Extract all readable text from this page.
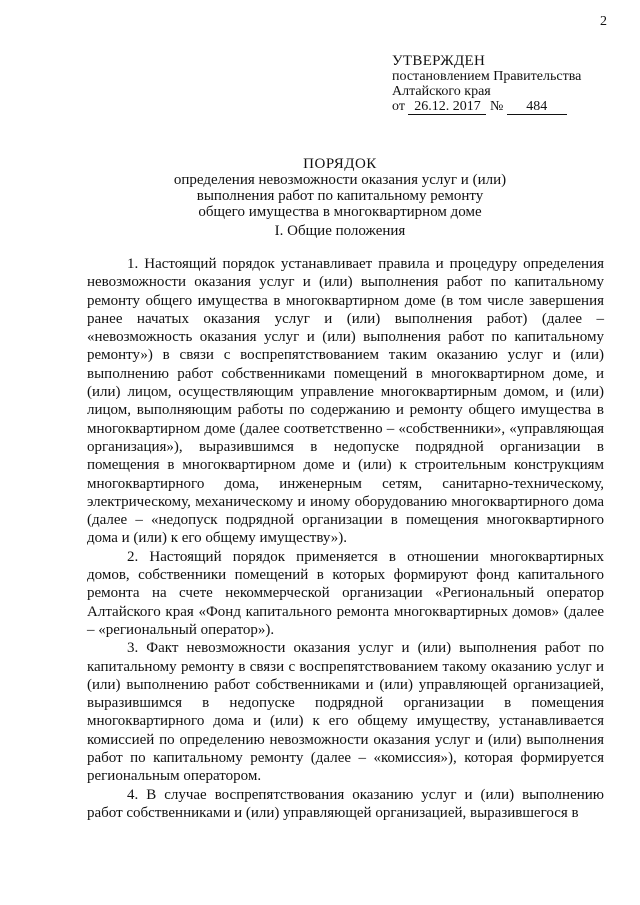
2
УТВЕРЖДЕН
постановлением Правительства
Алтайского края
от 26.12. 2017 № 484
ПОРЯДОК
определения невозможности оказания услуг и (или)
выполнения работ по капитальному ремонту
общего имущества в многоквартирном доме
I. Общие положения

1. Настоящий порядок устанавливает правила и процедуру определения невозможности оказания услуг и (или) выполнения работ по капитальному ремонту общего имущества в многоквартирном доме (в том числе завершения ранее начатых оказания услуг и (или) выполнения работ) (далее – «невозможность оказания услуг и (или) выполнения работ по капитальному ремонту») в связи с воспрепятствованием таким оказанию услуг и (или) выполнению работ собственниками помещений в многоквартирном доме, и (или) лицом, осуществляющим управление многоквартирным домом, и (или) лицом, выполняющим работы по содержанию и ремонту общего имущества в многоквартирном доме (далее соответственно – «собственники», «управляющая организация»), выразившимся в недопуске подрядной организации в помещения в многоквартирном доме и (или) к строительным конструкциям многоквартирного дома, инженерным сетям, санитарно-техническому, электрическому, механическому и иному оборудованию многоквартирного дома (далее – «недопуск подрядной организации в помещения многоквартирного дома и (или) к его общему имуществу»).

2. Настоящий порядок применяется в отношении многоквартирных домов, собственники помещений в которых формируют фонд капитального ремонта на счете некоммерческой организации «Региональный оператор Алтайского края «Фонд капитального ремонта многоквартирных домов» (далее – «региональный оператор»).

3. Факт невозможности оказания услуг и (или) выполнения работ по капитальному ремонту в связи с воспрепятствованием такому оказанию услуг и (или) выполнению работ собственниками и (или) управляющей организацией, выразившимся в недопуске подрядной организации в помещения многоквартирного дома и (или) к его общему имуществу, устанавливается комиссией по определению невозможности оказания услуг и (или) выполнения работ по капитальному ремонту (далее – «комиссия»), которая формируется региональным оператором.

4. В случае воспрепятствования оказанию услуг и (или) выполнению работ собственниками и (или) управляющей организацией, выразившегося в
